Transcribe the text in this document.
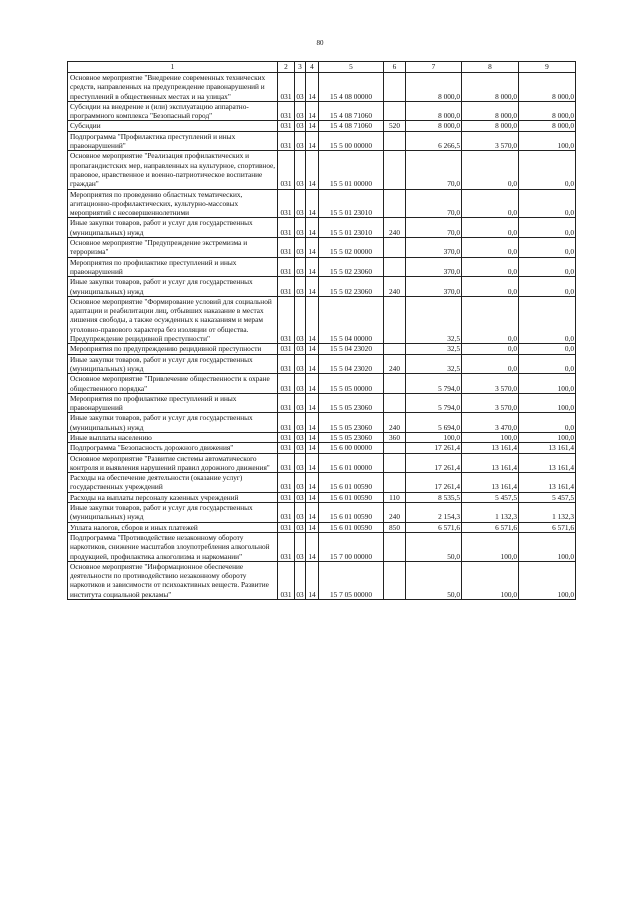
80
1	2	3	4	5	6	7	8	9
Основное мероприятие "Внедрение современных технических средств, направленных на предупреждение правонарушений и преступлений в общественных местах и на улицах"	031	03	14	15 4 08 00000		8 000,0	8 000,0	8 000,0
Субсидии на внедрение и (или) эксплуатацию аппаратно-программного комплекса "Безопасный город"	031	03	14	15 4 08 71060		8 000,0	8 000,0	8 000,0
Субсидии	031	03	14	15 4 08 71060	520	8 000,0	8 000,0	8 000,0
Подпрограмма "Профилактика преступлений и иных правонарушений"	031	03	14	15 5 00 00000		6 266,5	3 570,0	100,0
Основное мероприятие "Реализация профилактических и пропагандистских мер, направленных на культурное, спортивное, правовое, нравственное и военно-патриотическое воспитание граждан"	031	03	14	15 5 01 00000		70,0	0,0	0,0
Мероприятия по проведению областных тематических, агитационно-профилактических, культурно-массовых мероприятий с несовершеннолетними	031	03	14	15 5 01 23010		70,0	0,0	0,0
Иные закупки товаров, работ и услуг для государственных (муниципальных) нужд	031	03	14	15 5 01 23010	240	70,0	0,0	0,0
Основное мероприятие "Предупреждение экстремизма и терроризма"	031	03	14	15 5 02 00000		370,0	0,0	0,0
Мероприятия по профилактике преступлений и иных правонарушений	031	03	14	15 5 02 23060		370,0	0,0	0,0
Иные закупки товаров, работ и услуг для государственных (муниципальных) нужд	031	03	14	15 5 02 23060	240	370,0	0,0	0,0
Основное мероприятие "Формирование условий для социальной адаптации и реабилитации лиц, отбывших наказание в местах лишения свободы, а также осужденных к наказаниям и мерам уголовно-правового характера без изоляции от общества. Предупреждение рецидивной преступности"	031	03	14	15 5 04 00000		32,5	0,0	0,0
Мероприятия по предупреждению рецидивной преступности	031	03	14	15 5 04 23020		32,5	0,0	0,0
Иные закупки товаров, работ и услуг для государственных (муниципальных) нужд	031	03	14	15 5 04 23020	240	32,5	0,0	0,0
Основное мероприятие "Привлечение общественности к охране общественного порядка"	031	03	14	15 5 05 00000		5 794,0	3 570,0	100,0
Мероприятия по профилактике преступлений и иных правонарушений	031	03	14	15 5 05 23060		5 794,0	3 570,0	100,0
Иные закупки товаров, работ и услуг для государственных (муниципальных) нужд	031	03	14	15 5 05 23060	240	5 694,0	3 470,0	0,0
Иные выплаты населению	031	03	14	15 5 05 23060	360	100,0	100,0	100,0
Подпрограмма "Безопасность дорожного движения"	031	03	14	15 6 00 00000		17 261,4	13 161,4	13 161,4
Основное мероприятие "Развитие системы автоматического контроля и выявления нарушений правил дорожного движения"	031	03	14	15 6 01 00000		17 261,4	13 161,4	13 161,4
Расходы на обеспечение деятельности (оказание услуг) государственных учреждений	031	03	14	15 6 01 00590		17 261,4	13 161,4	13 161,4
Расходы на выплаты персоналу казенных учреждений	031	03	14	15 6 01 00590	110	8 535,5	5 457,5	5 457,5
Иные закупки товаров, работ и услуг для государственных (муниципальных) нужд	031	03	14	15 6 01 00590	240	2 154,3	1 132,3	1 132,3
Уплата налогов, сборов и иных платежей	031	03	14	15 6 01 00590	850	6 571,6	6 571,6	6 571,6
Подпрограмма "Противодействие незаконному обороту наркотиков, снижение масштабов злоупотребления алкогольной продукцией, профилактика алкоголизма и наркомании"	031	03	14	15 7 00 00000		50,0	100,0	100,0
Основное мероприятие "Информационное обеспечение деятельности по противодействию незаконному обороту наркотиков и зависимости от психоактивных веществ. Развитие института социальной рекламы"	031	03	14	15 7 05 00000		50,0	100,0	100,0
